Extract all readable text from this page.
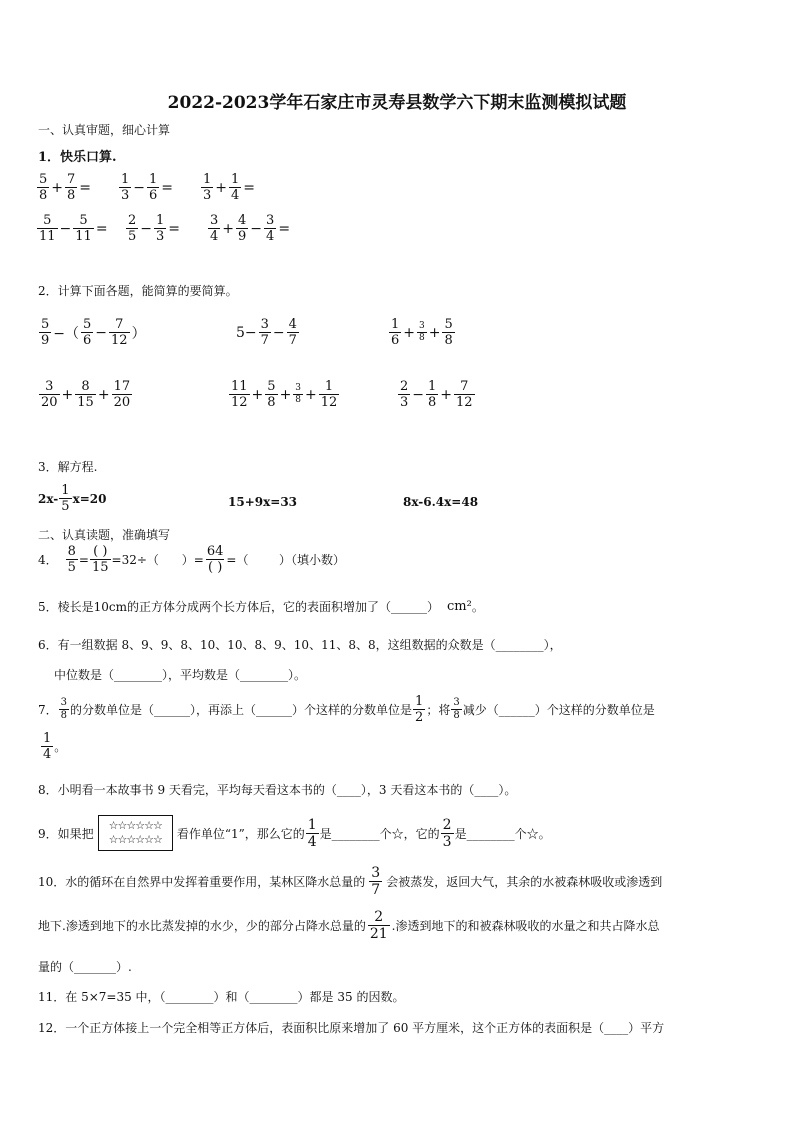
2022-2023学年石家庄市灵寿县数学六下期末监测模拟试题
一、认真审题，细心计算
1．快乐口算.
$\frac{5}{8} + \frac{7}{8} = \frac{1}{3} - \frac{1}{6} = \frac{1}{3} + \frac{1}{4}$ =
$\frac{5}{11} - \frac{5}{11} = \frac{2}{5} - \frac{1}{3} = \frac{3}{4} + \frac{4}{9} - \frac{3}{4}$ =
2．计算下面各题，能简算的要简算。
$\frac{5}{9}$ −（ $\frac{5}{6} - \frac{7}{12}$ ）	$5- \frac{3}{7} - \frac{4}{7}$	$\frac{1}{6} + \frac{3}{8} + \frac{5}{8}$
$\frac{3}{20} + \frac{8}{15} + \frac{17}{20}$	$\frac{11}{12} + \frac{5}{8} + \frac{3}{8} + \frac{1}{12}$	$\frac{2}{3} - \frac{1}{8} + \frac{7}{12}$
3．解方程.
$2x- \frac{1}{5} x=20$	15+9x=33	8x-6.4x=48
二、认真读题，准确填写
4． $\frac{8}{5} = \frac{( )}{15} =32\div$（      ）= $\frac{64}{( )}$ =（        ）（填小数）
5．棱长是10cm的正方体分成两个长方体后，它的表面积增加了（______） cm² 。
6．有一组数据 8、9、9、8、10、10、8、9、10、11、8、8，这组数据的众数是（________），
中位数是（________），平均数是（________）。
7． $\frac{3}{8}$ 的分数单位是（______），再添上（______）个这样的分数单位是 $\frac{1}{2}$ ；将 $\frac{3}{8}$ 减少（______）个这样的分数单位是
$\frac{1}{4}$ 。
8．小明看一本故事书 9 天看完，平均每天看这本书的（____），3 天看这本书的（____）。
9．如果把
☆☆☆☆☆☆
☆☆☆☆☆☆	看作单位“1”，那么它的 $\frac{1}{4}$ 是________个☆，它的 $\frac{2}{3}$ 是________个☆。
10．水的循环在自然界中发挥着重要作用，某林区降水总量的 $\frac{3}{7}$ 会被蒸发，返回大气，其余的水被森林吸收或渗透到
地下.渗透到地下的水比蒸发掉的水少，少的部分占降水总量的 $\frac{2}{21}$ .渗透到地下的和被森林吸收的水量之和共占降水总
量的（_______）.
11．在 5×7=35 中，（________）和（________）都是 35 的因数。
12．一个正方体接上一个完全相等正方体后，表面积比原来增加了 60 平方厘米，这个正方体的表面积是（____）平方
